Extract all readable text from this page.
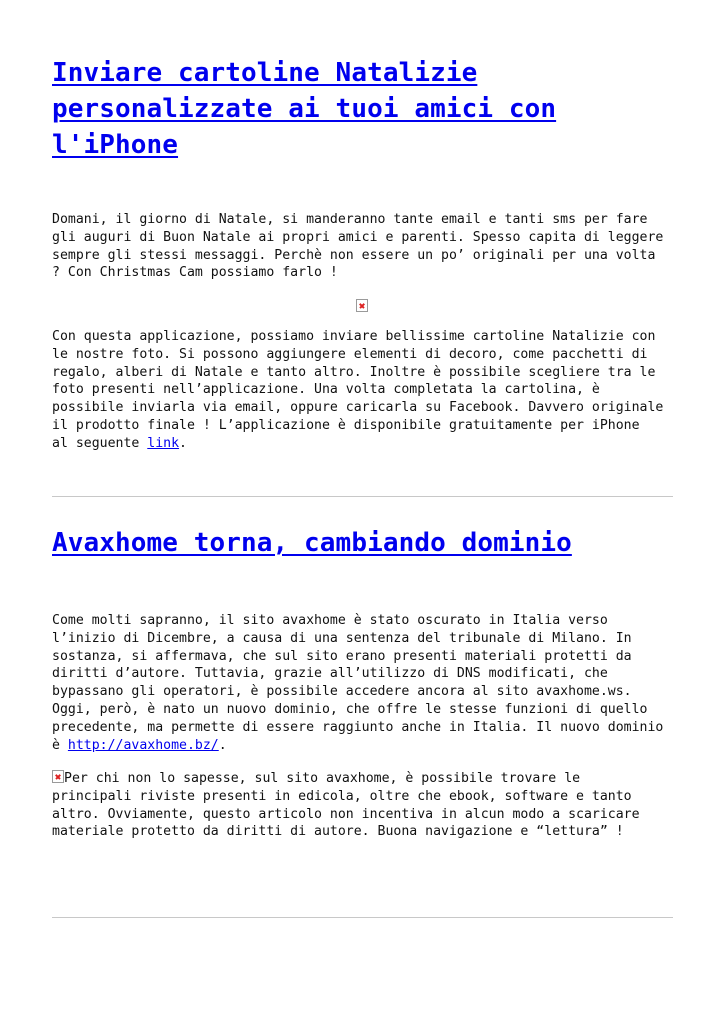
Inviare cartoline Natalizie
personalizzate ai tuoi amici con
l'iPhone

Domani, il giorno di Natale, si manderanno tante email e tanti sms per fare
gli auguri di Buon Natale ai propri amici e parenti. Spesso capita di leggere
sempre gli stessi messaggi. Perchè non essere un po’ originali per una volta
? Con Christmas Cam possiamo farlo !

Con questa applicazione, possiamo inviare bellissime cartoline Natalizie con
le nostre foto. Si possono aggiungere elementi di decoro, come pacchetti di
regalo, alberi di Natale e tanto altro. Inoltre è possibile scegliere tra le
foto presenti nell’applicazione. Una volta completata la cartolina, è
possibile inviarla via email, oppure caricarla su Facebook. Davvero originale
il prodotto finale ! L’applicazione è disponibile gratuitamente per iPhone
al seguente link.

Avaxhome torna, cambiando dominio

Come molti sapranno, il sito avaxhome è stato oscurato in Italia verso
l’inizio di Dicembre, a causa di una sentenza del tribunale di Milano. In
sostanza, si affermava, che sul sito erano presenti materiali protetti da
diritti d’autore. Tuttavia, grazie all’utilizzo di DNS modificati, che
bypassano gli operatori, è possibile accedere ancora al sito avaxhome.ws.
Oggi, però, è nato un nuovo dominio, che offre le stesse funzioni di quello
precedente, ma permette di essere raggiunto anche in Italia. Il nuovo dominio
è http://avaxhome.bz/.

Per chi non lo sapesse, sul sito avaxhome, è possibile trovare le
principali riviste presenti in edicola, oltre che ebook, software e tanto
altro. Ovviamente, questo articolo non incentiva in alcun modo a scaricare
materiale protetto da diritti di autore. Buona navigazione e “lettura” !
